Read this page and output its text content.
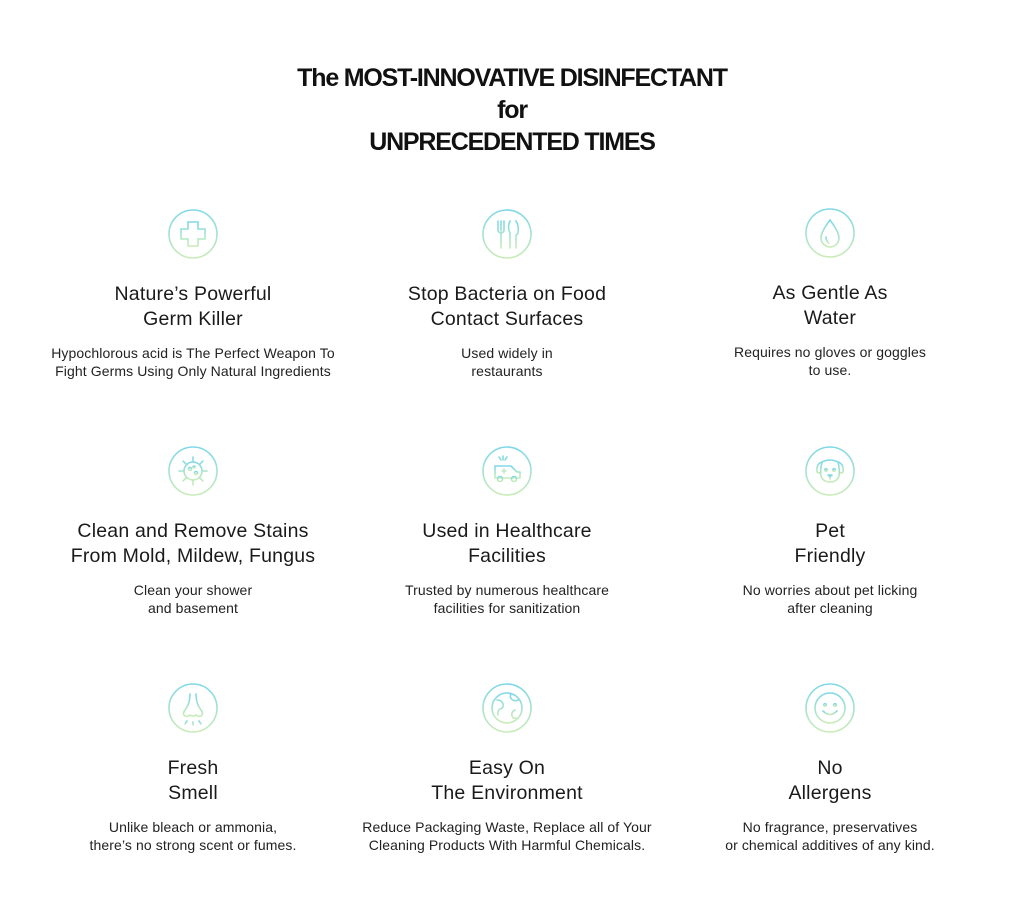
The MOST-INNOVATIVE DISINFECTANT
for
UNPRECEDENTED TIMES
Nature’s Powerful
Germ Killer
Hypochlorous acid is The Perfect Weapon To
Fight Germs Using Only Natural Ingredients
Stop Bacteria on Food
Contact Surfaces
Used widely in
restaurants
As Gentle As
Water
Requires no gloves or goggles
to use.
Clean and Remove Stains
From Mold, Mildew, Fungus
Clean your shower
and basement
Used in Healthcare
Facilities
Trusted by numerous healthcare
facilities for sanitization
Pet
Friendly
No worries about pet licking
after cleaning
Fresh
Smell
Unlike bleach or ammonia,
there’s no strong scent or fumes.
Easy On
The Environment
Reduce Packaging Waste, Replace all of Your
Cleaning Products With Harmful Chemicals.
No
Allergens
No fragrance, preservatives
or chemical additives of any kind.
